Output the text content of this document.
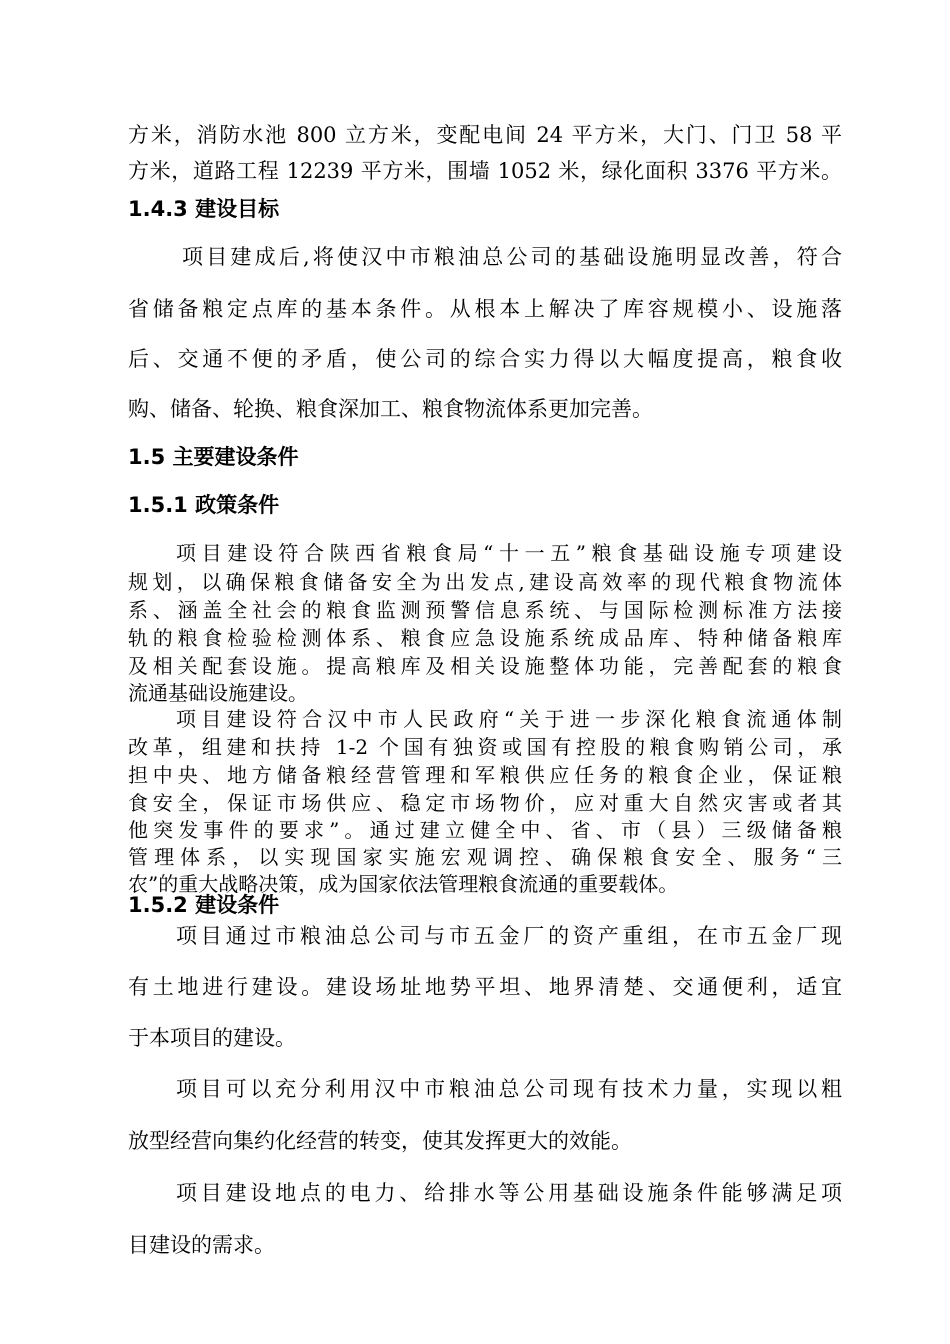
方米，消防水池 800 立方米，变配电间 24 平方米，大门、门卫 58 平
方米，道路工程 12239 平方米，围墙 1052 米，绿化面积 3376 平方米。
1.4.3 建设目标
项目建成后,将使汉中市粮油总公司的基础设施明显改善，符合
省储备粮定点库的基本条件。从根本上解决了库容规模小、设施落
后、交通不便的矛盾，使公司的综合实力得以大幅度提高，粮食收
购、储备、轮换、粮食深加工、粮食物流体系更加完善。
1.5 主要建设条件
1.5.1 政策条件
项目建设符合陕西省粮食局“十一五”粮食基础设施专项建设
规划，以确保粮食储备安全为出发点,建设高效率的现代粮食物流体
系、涵盖全社会的粮食监测预警信息系统、与国际检测标准方法接
轨的粮食检验检测体系、粮食应急设施系统成品库、特种储备粮库
及相关配套设施。提高粮库及相关设施整体功能，完善配套的粮食
流通基础设施建设。
项目建设符合汉中市人民政府“关于进一步深化粮食流通体制
改革，组建和扶持 1-2 个国有独资或国有控股的粮食购销公司，承
担中央、地方储备粮经营管理和军粮供应任务的粮食企业，保证粮
食安全，保证市场供应、稳定市场物价，应对重大自然灾害或者其
他突发事件的要求”。通过建立健全中、省、市（县）三级储备粮
管理体系，以实现国家实施宏观调控、确保粮食安全、服务“三
农”的重大战略决策，成为国家依法管理粮食流通的重要载体。
1.5.2 建设条件
项目通过市粮油总公司与市五金厂的资产重组，在市五金厂现
有土地进行建设。建设场址地势平坦、地界清楚、交通便利，适宜
于本项目的建设。
项目可以充分利用汉中市粮油总公司现有技术力量，实现以粗
放型经营向集约化经营的转变，使其发挥更大的效能。
项目建设地点的电力、给排水等公用基础设施条件能够满足项
目建设的需求。
